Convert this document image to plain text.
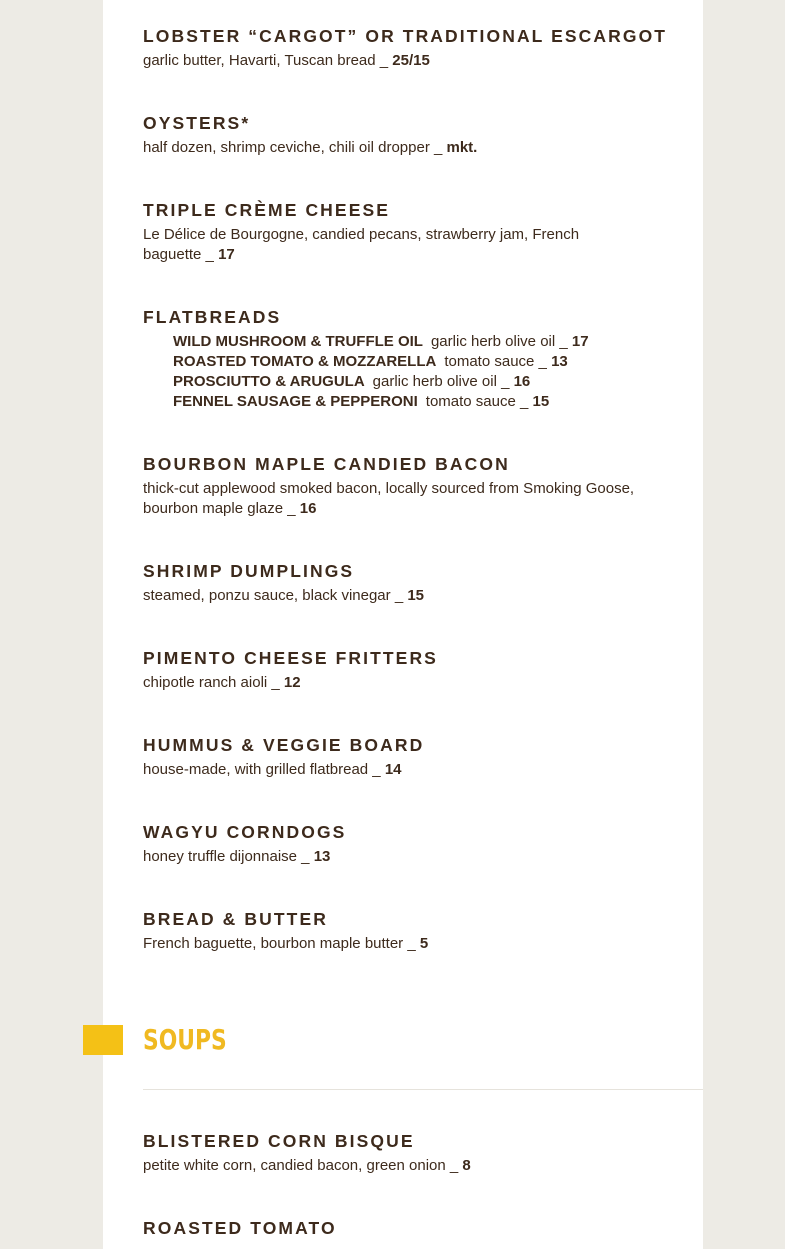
LOBSTER “CARGOT” OR TRADITIONAL ESCARGOT
garlic butter, Havarti, Tuscan bread _ 25/15
OYSTERS*
half dozen, shrimp ceviche, chili oil dropper _ mkt.
TRIPLE CRÈME CHEESE
Le Délice de Bourgogne, candied pecans, strawberry jam, French baguette _ 17
FLATBREADS
WILD MUSHROOM & TRUFFLE OIL garlic herb olive oil _ 17
ROASTED TOMATO & MOZZARELLA tomato sauce _ 13
PROSCIUTTO & ARUGULA garlic herb olive oil _ 16
FENNEL SAUSAGE & PEPPERONI tomato sauce _ 15
BOURBON MAPLE CANDIED BACON
thick-cut applewood smoked bacon, locally sourced from Smoking Goose, bourbon maple glaze _ 16
SHRIMP DUMPLINGS
steamed, ponzu sauce, black vinegar _ 15
PIMENTO CHEESE FRITTERS
chipotle ranch aioli _ 12
HUMMUS & VEGGIE BOARD
house-made, with grilled flatbread _ 14
WAGYU CORNDOGS
honey truffle dijonnaise _ 13
BREAD & BUTTER
French baguette, bourbon maple butter _ 5
BLISTERED CORN BISQUE
petite white corn, candied bacon, green onion _ 8
ROASTED TOMATO
SOUPS
